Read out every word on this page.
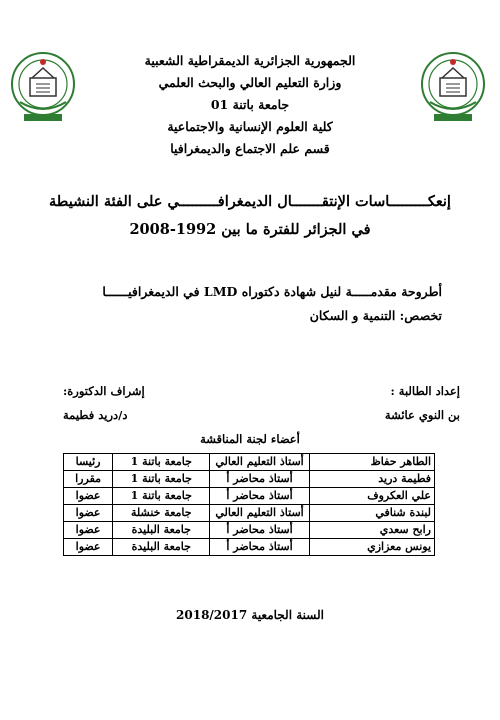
الجمهورية الجزائرية الديمقراطية الشعبية
وزارة التعليم العالي والبحث العلمي
جامعة باتنة 01
كلية العلوم الإنسانية والاجتماعية
قسم علم الاجتماع والديمغرافيا
إنعكـــــــــاسات الإنتقـــــــال الديمغرافـــــــــي على الفئة النشيطة
في الجزائر للفترة ما بين 1992-2008
أطروحة مقدمـــــة لنيل شهادة دكتوراه LMD في الديمغرافيــــــا
تخصص: التنمية و السكان
إعداد الطالبة :
بن النوي عائشة
إشراف الدكتورة:
د/دريد فطيمة
أعضاء لجنة المناقشة
الطاهر حفاظ	أستاذ التعليم العالي	جامعة باتنة 1	رئيسا
فطيمة دريد	أستاذ محاضر أ	جامعة باتنة 1	مقررا
علي العكروف	أستاذ محاضر أ	جامعة باتنة 1	عضوا
لبندة شنافي	أستاذ التعليم العالي	جامعة خنشلة	عضوا
رابح سعدي	أستاذ محاضر أ	جامعة البليدة	عضوا
يونس معزازي	أستاذ محاضر أ	جامعة البليدة	عضوا
السنة الجامعية 2018/2017
